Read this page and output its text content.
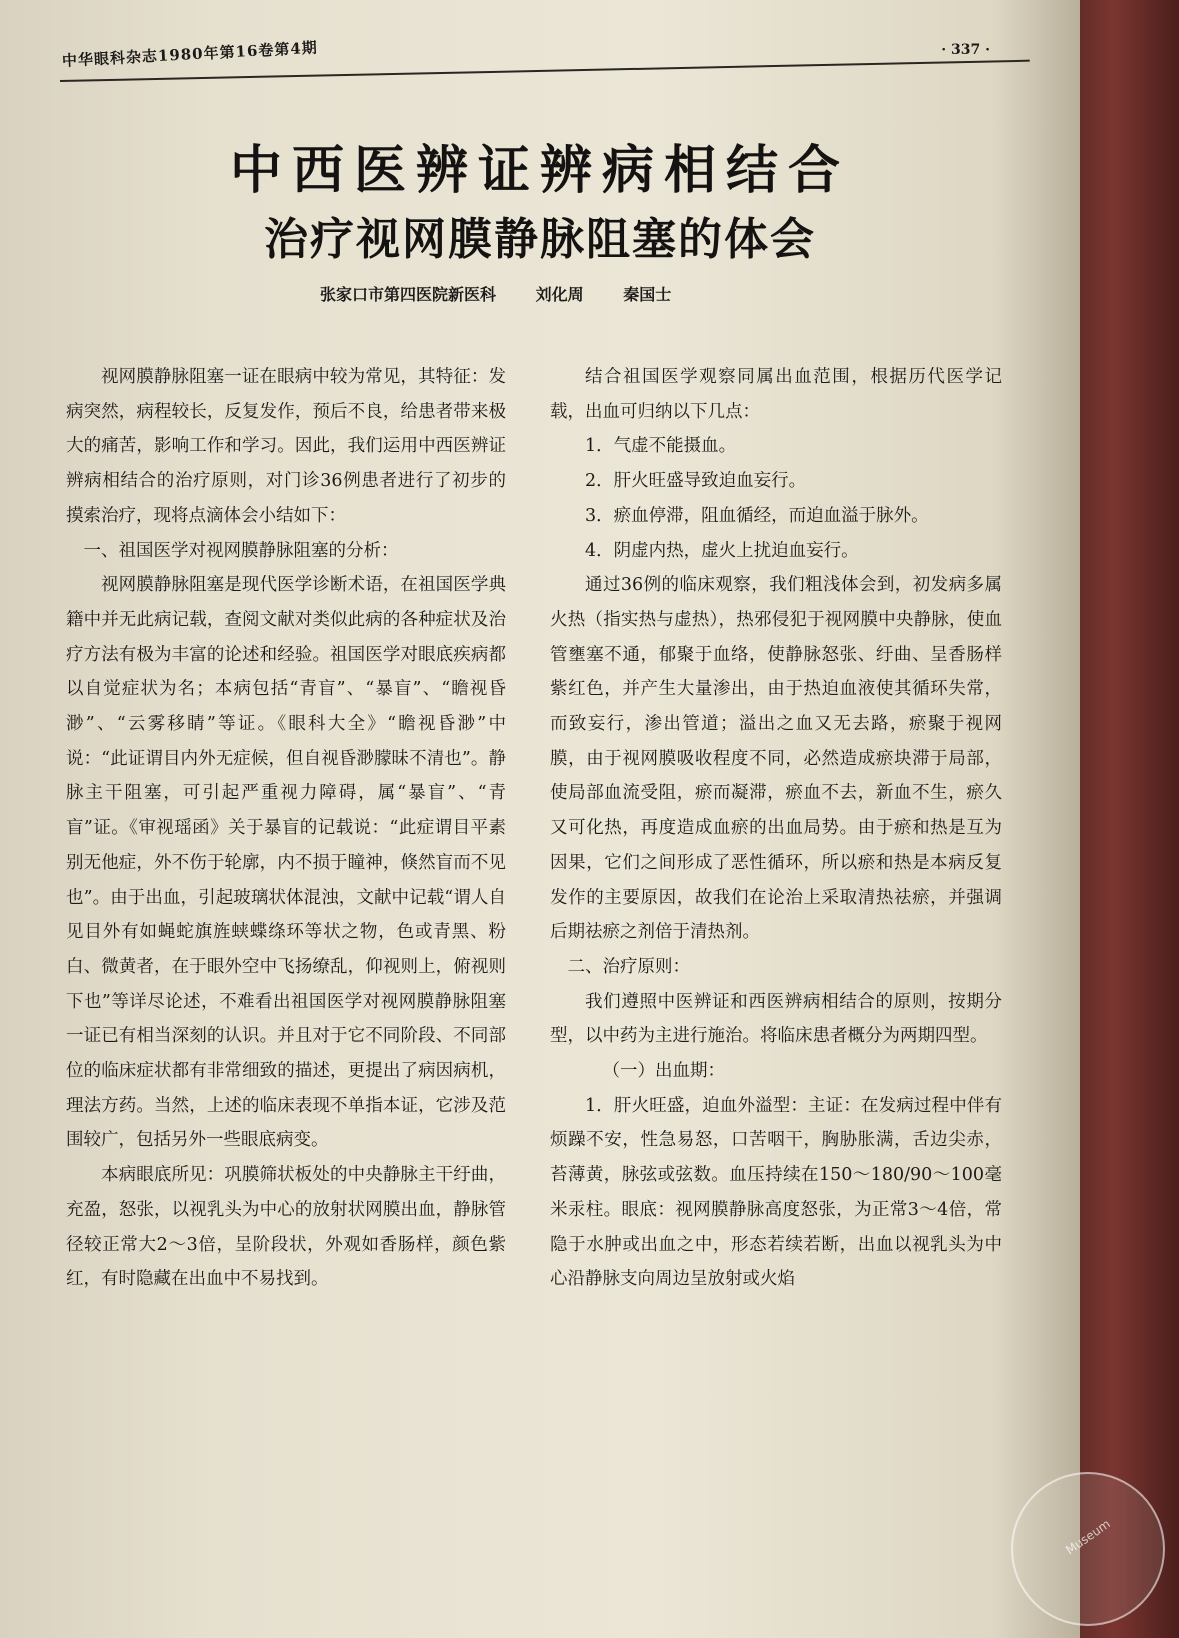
中华眼科杂志1980年第16卷第4期	· 337 ·
中西医辨证辨病相结合
治疗视网膜静脉阻塞的体会
张家口市第四医院新医科 刘化周 秦国士

视网膜静脉阻塞一证在眼病中较为常见，其特征：发病突然，病程较长，反复发作，预后不良，给患者带来极大的痛苦，影响工作和学习。因此，我们运用中西医辨证辨病相结合的治疗原则，对门诊36例患者进行了初步的摸索治疗，现将点滴体会小结如下：

一、祖国医学对视网膜静脉阻塞的分析：

视网膜静脉阻塞是现代医学诊断术语，在祖国医学典籍中并无此病记载，查阅文献对类似此病的各种症状及治疗方法有极为丰富的论述和经验。祖国医学对眼底疾病都以自觉症状为名；本病包括“青盲”、“暴盲”、“瞻视昏渺”、“云雾移睛”等证。《眼科大全》“瞻视昏渺”中说：“此证谓目内外无症候，但自视昏渺朦昧不清也”。静脉主干阻塞，可引起严重视力障碍，属“暴盲”、“青盲”证。《审视瑶函》关于暴盲的记载说：“此症谓目平素别无他症，外不伤于轮廓，内不损于瞳神，倏然盲而不见也”。由于出血，引起玻璃状体混浊，文献中记载“谓人自见目外有如蝇蛇旗旌蛱蝶绦环等状之物，色或青黑、粉白、微黄者，在于眼外空中飞扬缭乱，仰视则上，俯视则下也”等详尽论述，不难看出祖国医学对视网膜静脉阻塞一证已有相当深刻的认识。并且对于它不同阶段、不同部位的临床症状都有非常细致的描述，更提出了病因病机，理法方药。当然，上述的临床表现不单指本证，它涉及范围较广，包括另外一些眼底病变。

本病眼底所见：巩膜筛状板处的中央静脉主干纡曲，充盈，怒张，以视乳头为中心的放射状网膜出血，静脉管径较正常大2～3倍，呈阶段状，外观如香肠样，颜色紫红，有时隐藏在出血中不易找到。

结合祖国医学观察同属出血范围，根据历代医学记载，出血可归纳以下几点：

1．气虚不能摄血。

2．肝火旺盛导致迫血妄行。

3．瘀血停滞，阻血循经，而迫血溢于脉外。

4．阴虚内热，虚火上扰迫血妄行。

通过36例的临床观察，我们粗浅体会到，初发病多属火热（指实热与虚热），热邪侵犯于视网膜中央静脉，使血管壅塞不通，郁聚于血络，使静脉怒张、纡曲、呈香肠样紫红色，并产生大量渗出，由于热迫血液使其循环失常，而致妄行，渗出管道；溢出之血又无去路，瘀聚于视网膜，由于视网膜吸收程度不同，必然造成瘀块滞于局部，使局部血流受阻，瘀而凝滞，瘀血不去，新血不生，瘀久又可化热，再度造成血瘀的出血局势。由于瘀和热是互为因果，它们之间形成了恶性循环，所以瘀和热是本病反复发作的主要原因，故我们在论治上采取清热祛瘀，并强调后期祛瘀之剂倍于清热剂。

二、治疗原则：

我们遵照中医辨证和西医辨病相结合的原则，按期分型，以中药为主进行施治。将临床患者概分为两期四型。

（一）出血期：

1．肝火旺盛，迫血外溢型：主证：在发病过程中伴有烦躁不安，性急易怒，口苦咽干，胸胁胀满，舌边尖赤，苔薄黄，脉弦或弦数。血压持续在150～180/90～100毫米汞柱。眼底：视网膜静脉高度怒张，为正常3～4倍，常隐于水肿或出血之中，形态若续若断，出血以视乳头为中心沿静脉支向周边呈放射或火焰

Museum
